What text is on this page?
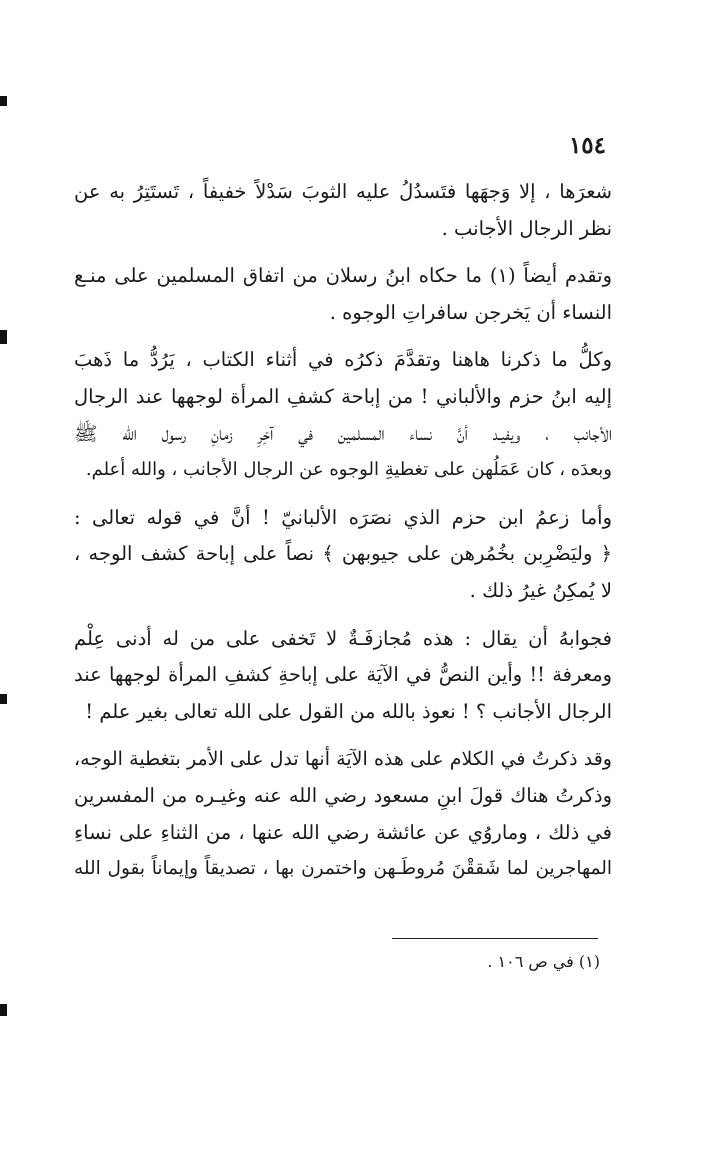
١٥٤
شعرَها ، إلا وَجهَها فتَسدُلُ عليه الثوبَ سَدْلاً خفيفاً ، تَستَتِرُ به عن
نظر الرجال الأجانب .
وتقدم أيضاً (١) ما حكاه ابنُ رسلان من اتفاق المسلمين على منـع
النساء أن يَخرجن سافراتِ الوجوه .
وكلُّ ما ذكرنا هاهنا وتقدَّمَ ذكرُه في أثناء الكتاب ، يَرُدُّ ما ذَهبَ
إليه ابنُ حزم والألباني ! من إباحة كشفِ المرأة لوجهها عند الرجال
الأجانب ، ويفيـد أنَّ نساء المسلمين في آخِرِ زمانِ رسول الله ﷺ
وبعدَه ، كان عَمَلُهن على تغطيةِ الوجوه عن الرجال الأجانب ، والله أعلم.
وأما زعمُ ابن حزم الذي نصَرَه الألبانيّ ! أنَّ في قوله تعالى :
﴿ وليَضْرِبن بخُمُرهن على جيوبهن ﴾ نصاً على إباحة كشف الوجه ،
لا يُمكِنُ غيرُ ذلك .
فجوابهُ أن يقال : هذه مُجازفَـةٌ لا تَخفى على من له أدنى عِلْم
ومعرفة !! وأين النصُّ في الآيَة على إباحةِ كشفِ المرأة لوجهها عند
الرجال الأجانب ؟ ! نعوذ بالله من القول على الله تعالى بغير علم !
وقد ذكرتُ في الكلام على هذه الآيَة أنها تدل على الأمر بتغطية الوجه،
وذكرتُ هناك قولَ ابنِ مسعود رضي الله عنه وغيـره من المفسرين
في ذلك ، وماروُي عن عائشة رضي الله عنها ، من الثناءِ على نساءِ
المهاجرين لما شَققْنَ مُروطَـهن واختمرن بها ، تصديقاً وإيماناً بقول الله
(١) في ص ١٠٦ .
